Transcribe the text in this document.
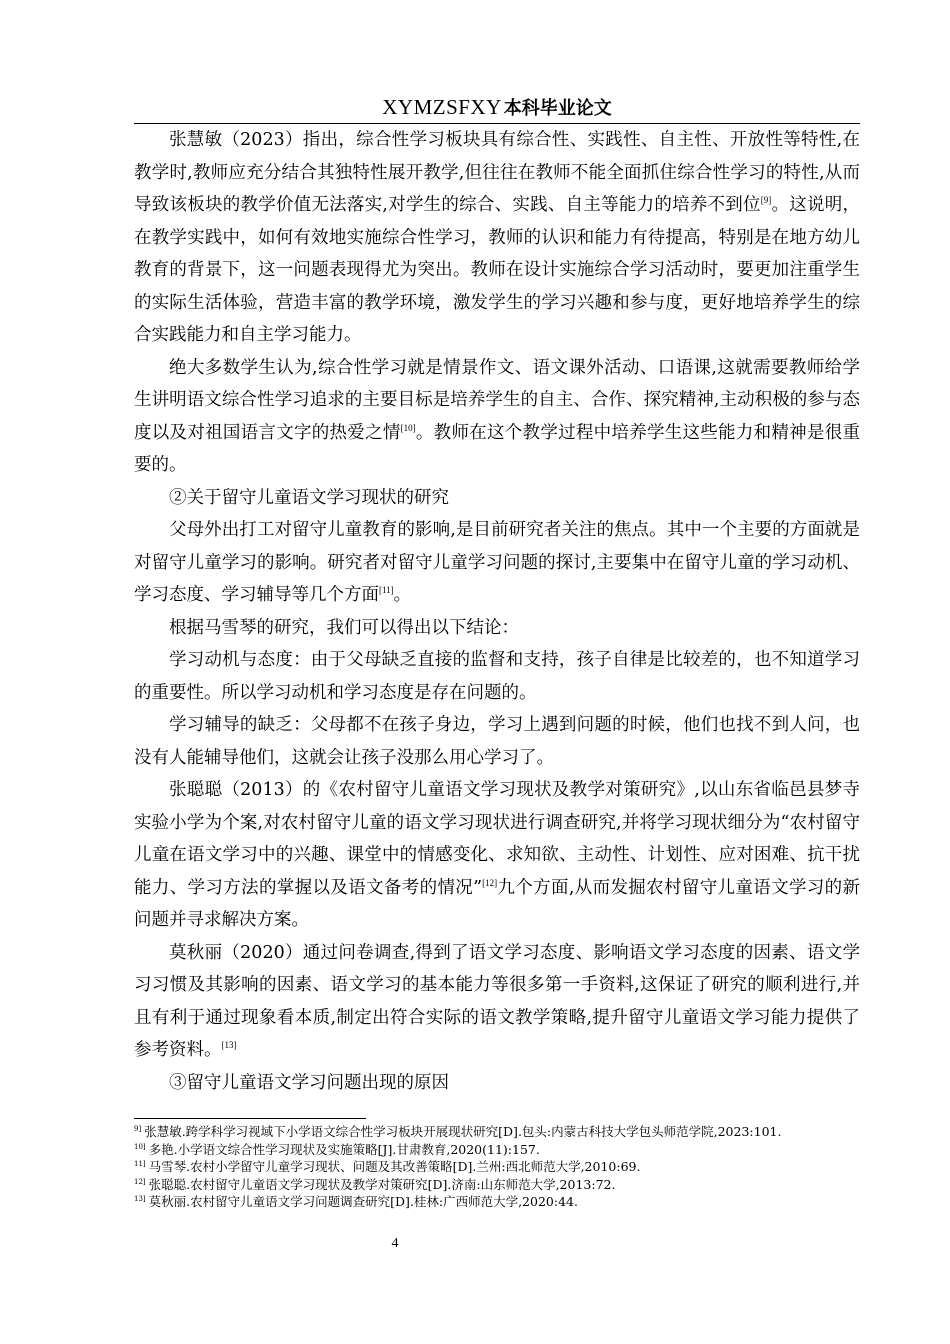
XYMZSFXY 本科毕业论文

张慧敏（2023）指出，综合性学习板块具有综合性、实践性、自主性、开放性等特性,在教学时,教师应充分结合其独特性展开教学,但往往在教师不能全面抓住综合性学习的特性,从而导致该板块的教学价值无法落实,对学生的综合、实践、自主等能力的培养不到位[9]。这说明，在教学实践中，如何有效地实施综合性学习，教师的认识和能力有待提高，特别是在地方幼儿教育的背景下，这一问题表现得尤为突出。教师在设计实施综合学习活动时，要更加注重学生的实际生活体验，营造丰富的教学环境，激发学生的学习兴趣和参与度，更好地培养学生的综合实践能力和自主学习能力。

绝大多数学生认为,综合性学习就是情景作文、语文课外活动、口语课,这就需要教师给学生讲明语文综合性学习追求的主要目标是培养学生的自主、合作、探究精神,主动积极的参与态度以及对祖国语言文字的热爱之情[10]。教师在这个教学过程中培养学生这些能力和精神是很重要的。

②关于留守儿童语文学习现状的研究

父母外出打工对留守儿童教育的影响,是目前研究者关注的焦点。其中一个主要的方面就是对留守儿童学习的影响。研究者对留守儿童学习问题的探讨,主要集中在留守儿童的学习动机、学习态度、学习辅导等几个方面[11]。

根据马雪琴的研究，我们可以得出以下结论：

学习动机与态度：由于父母缺乏直接的监督和支持，孩子自律是比较差的，也不知道学习的重要性。所以学习动机和学习态度是存在问题的。

学习辅导的缺乏：父母都不在孩子身边，学习上遇到问题的时候，他们也找不到人问，也没有人能辅导他们，这就会让孩子没那么用心学习了。

张聪聪（2013）的《农村留守儿童语文学习现状及教学对策研究》,以山东省临邑县梦寺实验小学为个案,对农村留守儿童的语文学习现状进行调查研究,并将学习现状细分为“农村留守儿童在语文学习中的兴趣、课堂中的情感变化、求知欲、主动性、计划性、应对困难、抗干扰能力、学习方法的掌握以及语文备考的情况”[12]九个方面,从而发掘农村留守儿童语文学习的新问题并寻求解决方案。

莫秋丽（2020）通过问卷调查,得到了语文学习态度、影响语文学习态度的因素、语文学习习惯及其影响的因素、语文学习的基本能力等很多第一手资料,这保证了研究的顺利进行,并且有利于通过现象看本质,制定出符合实际的语文教学策略,提升留守儿童语文学习能力提供了参考资料。[13]

③留守儿童语文学习问题出现的原因

$^{9]}$ 张慧敏.跨学科学习视域下小学语文综合性学习板块开展现状研究[D].包头:内蒙古科技大学包头师范学院,2023:101.

$^{10]}$ 多艳.小学语文综合性学习现状及实施策略[J].甘肃教育,2020(11):157.

$^{11]}$ 马雪琴.农村小学留守儿童学习现状、问题及其改善策略[D].兰州:西北师范大学,2010:69.

$^{12]}$ 张聪聪.农村留守儿童语文学习现状及教学对策研究[D].济南:山东师范大学,2013:72.

$^{13]}$ 莫秋丽.农村留守儿童语文学习问题调查研究[D].桂林:广西师范大学,2020:44.

4
